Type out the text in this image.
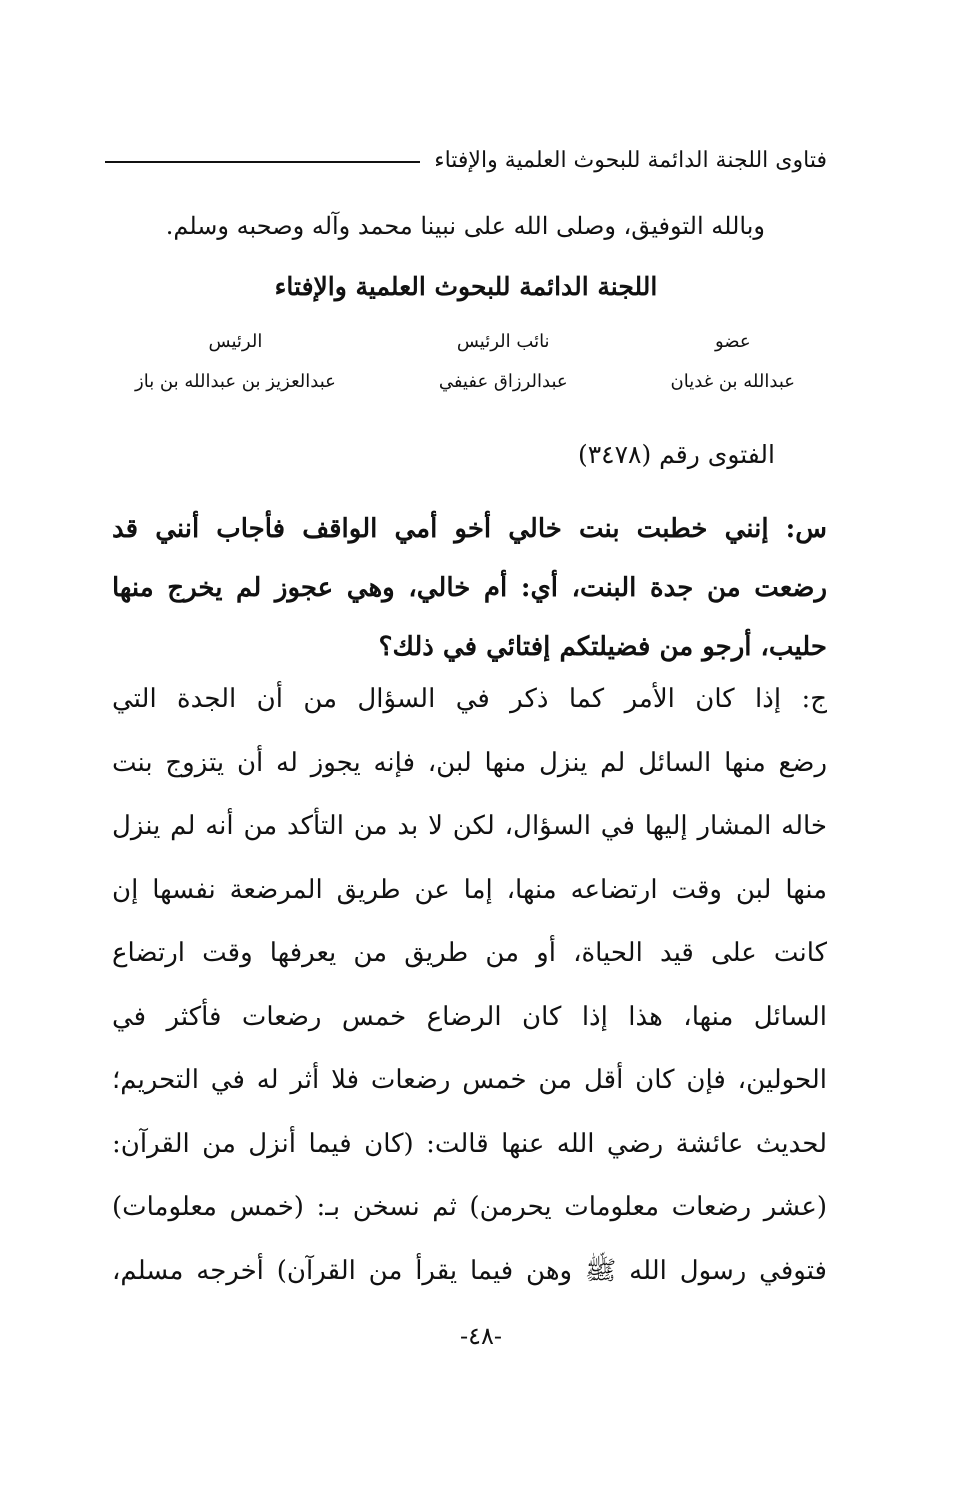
فتاوى اللجنة الدائمة للبحوث العلمية والإفتاء
وبالله التوفيق، وصلى الله على نبينا محمد وآله وصحبه وسلم.
اللجنة الدائمة للبحوث العلمية والإفتاء
عضو
عبدالله بن غديان
نائب الرئيس
عبدالرزاق عفيفي
الرئيس
عبدالعزيز بن عبدالله بن باز
الفتوى رقم (٣٤٧٨)
س: إنني خطبت بنت خالي أخو أمي الواقف فأجاب أنني قد رضعت من جدة البنت، أي: أم خالي، وهي عجوز لم يخرج منها حليب، أرجو من فضيلتكم إفتائي في ذلك؟
ج: إذا كان الأمر كما ذكر في السؤال من أن الجدة التي
رضع منها السائل لم ينزل منها لبن، فإنه يجوز له أن يتزوج بنت
خاله المشار إليها في السؤال، لكن لا بد من التأكد من أنه لم ينزل
منها لبن وقت ارتضاعه منها، إما عن طريق المرضعة نفسها إن
كانت على قيد الحياة، أو من طريق من يعرفها وقت ارتضاع
السائل منها، هذا إذا كان الرضاع خمس رضعات فأكثر في
الحولين، فإن كان أقل من خمس رضعات فلا أثر له في التحريم؛
لحديث عائشة رضي الله عنها قالت: (كان فيما أنزل من القرآن:
(عشر رضعات معلومات يحرمن) ثم نسخن بـ: (خمس معلومات)
فتوفي رسول الله ﷺ وهن فيما يقرأ من القرآن) أخرجه مسلم،
-٤٨-
